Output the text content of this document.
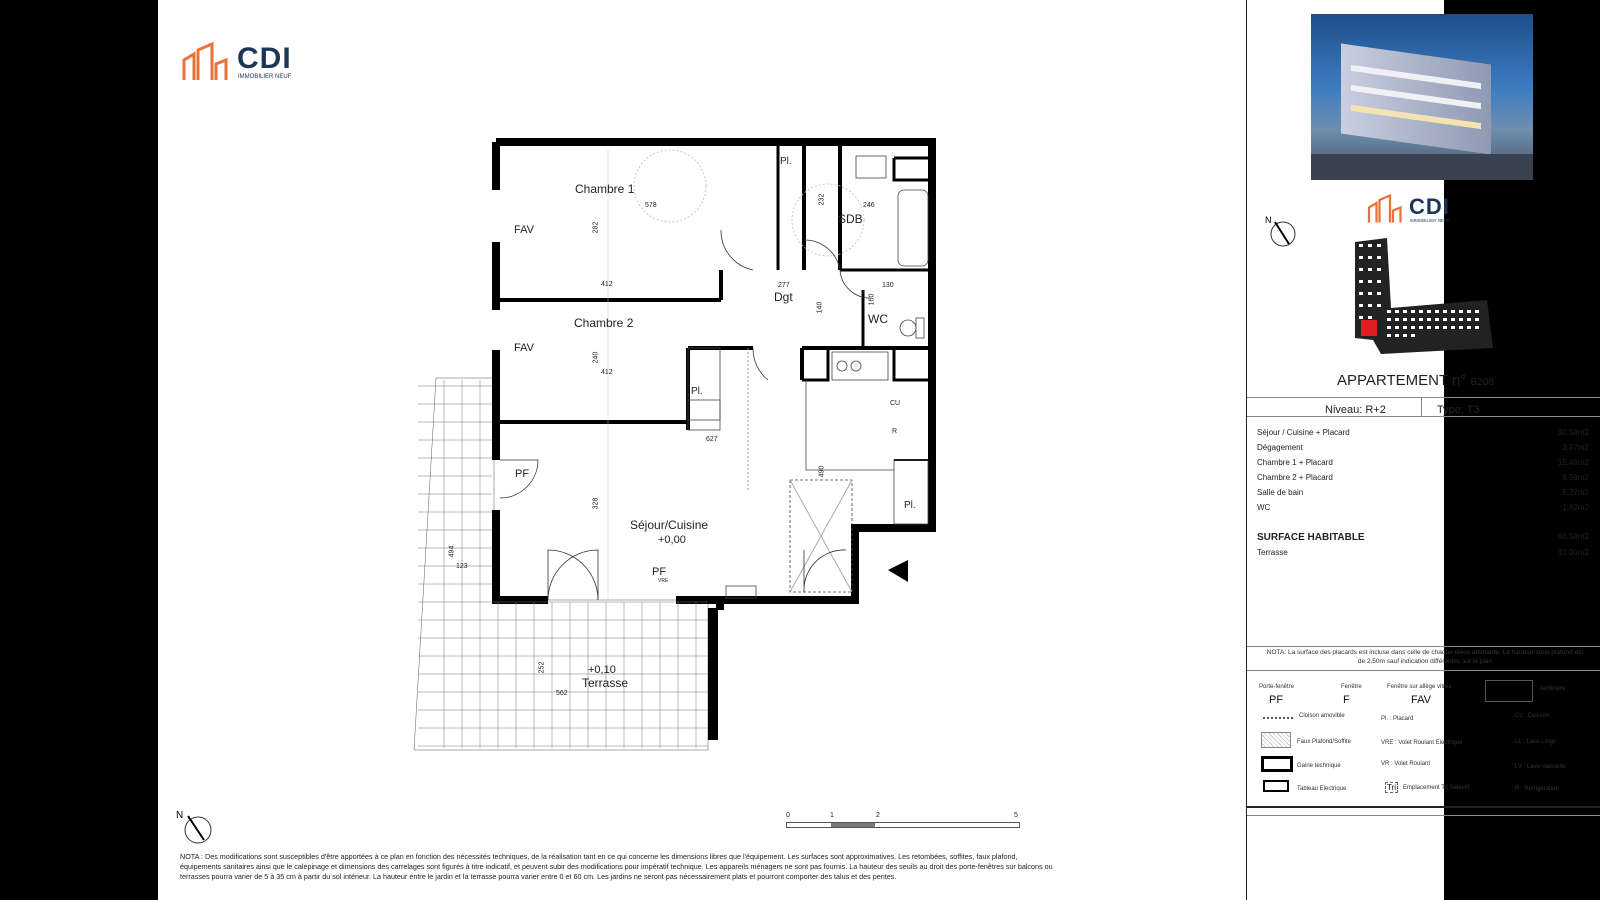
CDI
IMMOBILIER NEUF
Chambre 1
SDB
Dgt
WC
Chambre 2
Séjour/Cuisine
+0,00
+0,10
Terrasse
FAV
FAV
PF
PF
Pl.
Pl.
Pl.
CU
R
VRE
578
282
412
246
232
277
140
160
130
240
412
627
490
328
494
123
252
562
N	0	1	2	5
NOTA : Des modifications sont susceptibles d'être apportées à ce plan en fonction des nécessités techniques, de la réalisation tant en ce qui concerne les dimensions libres que l'équipement. Les surfaces sont approximatives. Les retombées, soffites, faux plafond, équipements sanitaires ainsi que le calepinage et dimensions des carrelages sont figurés à titre indicatif, et peuvent subir des modifications pour impératif technique. Les appareils ménagers ne sont pas fournis. La hauteur des seuils au droit des porte-fenêtres sur balcons ou terrasses pourra varier de 5 à 35 cm à partir du sol intérieur. La hauteur entre le jardin et la terrasse pourra varier entre 0 et 60 cm. Les jardins ne seront pas nécessairement plats et pourront comporter des talus et des pentes.
CDI
IMMOBILIER NEUF
N
APPARTEMENT n° B208
Niveau: R+2	Type: T3
Séjour / Cuisine + Placard	30,58m2
Dégagement	3,87m2
Chambre 1 + Placard	15,46m2
Chambre 2 + Placard	9,58m2
Salle de bain	5,27m2
WC	1,82m2
SURFACE HABITABLE	66,58m2
Terrasse	10,00m2
NOTA: La surface des placards est incluse dans celle de chaque pièce attenante. La hauteur sous-plafond est de 2,50m sauf indication différentes sur le plan
Porte-fenêtre
PF
Fenêtre
F
Fenêtre sur allège vitrée
FAV
Jardinière
Cloison amovible	Pl. : Placard	Cu : Cuisson
Faux Plafond/Soffite	VRE : Volet Roulant Electrique	LL : Lave-Linge
Gaine technique	VR : Volet Roulant	LV : Lave-Vaisselle
Tableau Electrique	Tri	Emplacement Tri Sélectif	R : Réfrigérateur
